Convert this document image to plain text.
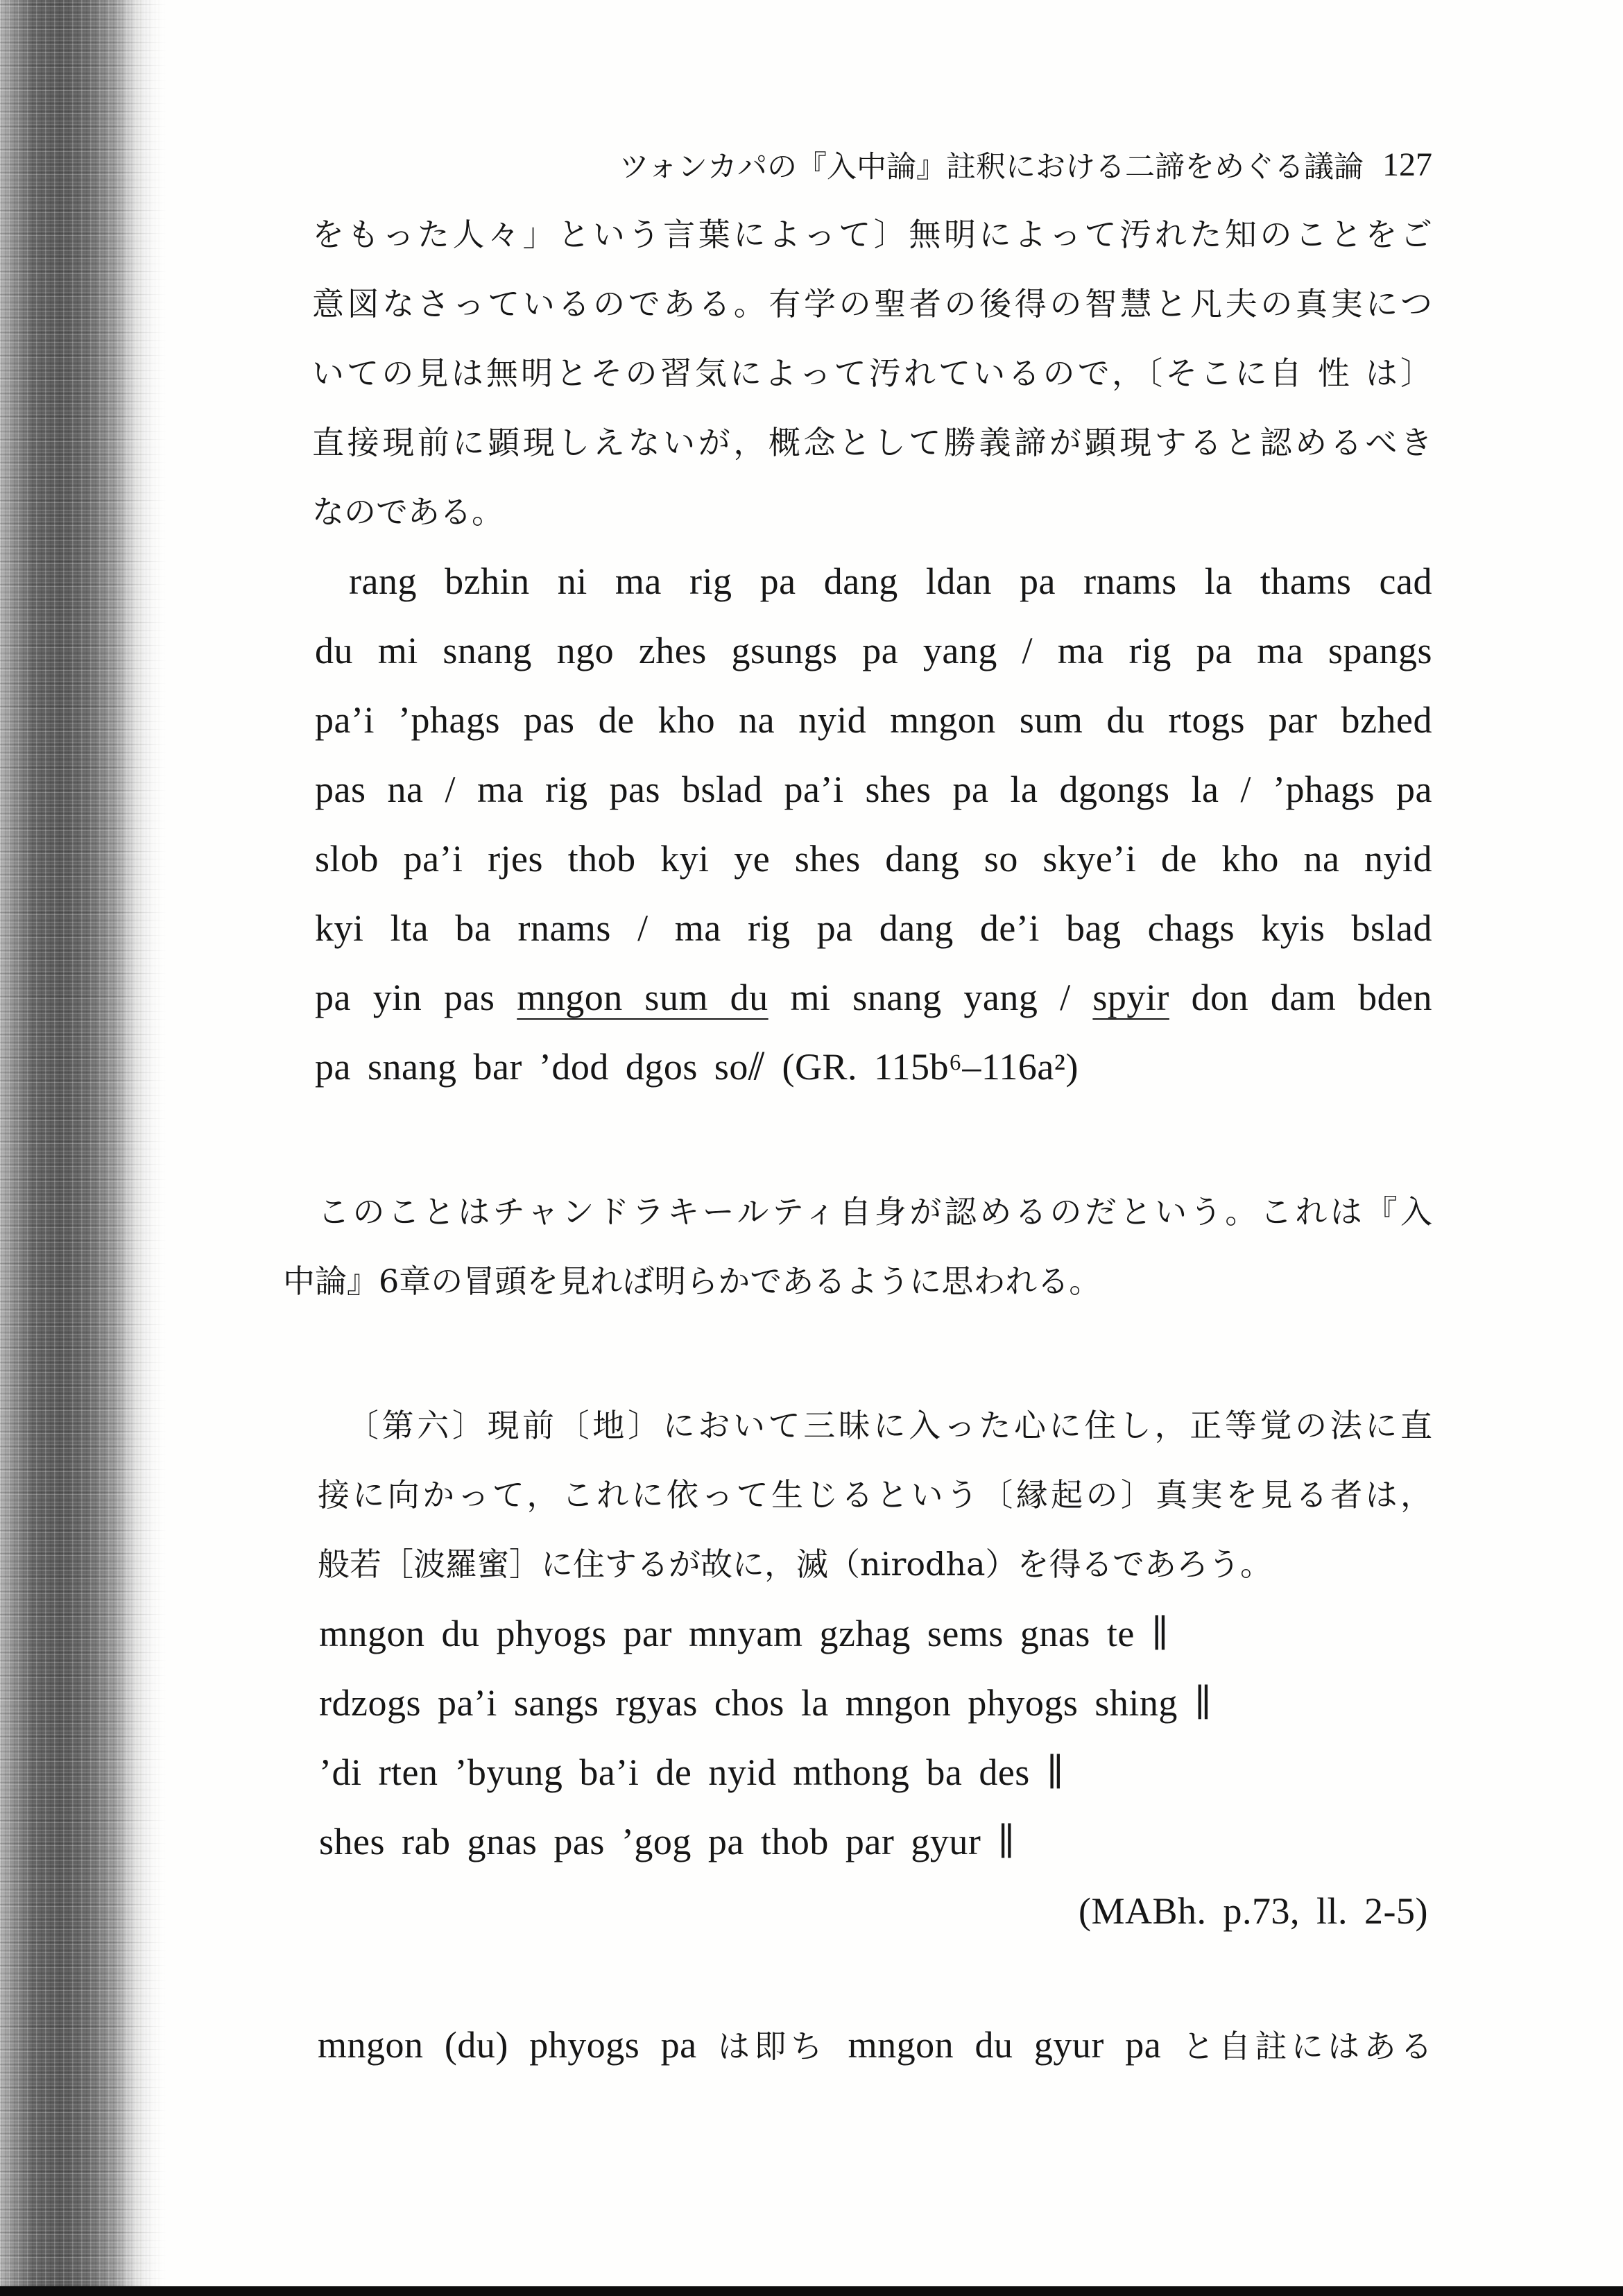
ツォンカパの『入中論』註釈における二諦をめぐる議論 127
をもった人々」という言葉によって〕無明によって汚れた知のことをご
意図なさっているのである。有学の聖者の後得の智慧と凡夫の真実につ
いての見は無明とその習気によって汚れているので，〔そこに自 性 は〕
直接現前に顕現しえないが，概念として勝義諦が顕現すると認めるべき
なのである。
rang bzhin ni ma rig pa dang ldan pa rnams la thams cad
du mi snang ngo zhes gsungs pa yang / ma rig pa ma spangs
pa’i ’phags pas de kho na nyid mngon sum du rtogs par bzhed
pas na / ma rig pas bslad pa’i shes pa la dgongs la / ’phags pa
slob pa’i rjes thob kyi ye shes dang so skye’i de kho na nyid
kyi lta ba rnams / ma rig pa dang de’i bag chags kyis bslad
pa yin pas mngon sum du mi snang yang / spyir don dam bden
pa snang bar ’dod dgos so⫽ (GR. 115b⁶–116a²)
このことはチャンドラキールティ自身が認めるのだという。これは『入
中論』6章の冒頭を見れば明らかであるように思われる。
〔第六〕現前〔地〕において三昧に入った心に住し，正等覚の法に直
接に向かって，これに依って生じるという〔縁起の〕真実を見る者は，
般若［波羅蜜］に住するが故に，滅（nirodha）を得るであろう。
mngon du phyogs par mnyam gzhag sems gnas te ∥
rdzogs pa’i sangs rgyas chos la mngon phyogs shing ∥
’di rten ’byung ba’i de nyid mthong ba des ∥
shes rab gnas pas ’gog pa thob par gyur ∥
(MABh. p.73, ll. 2-5)
mngon (du) phyogs pa は即ち mngon du gyur pa と自註にはある
